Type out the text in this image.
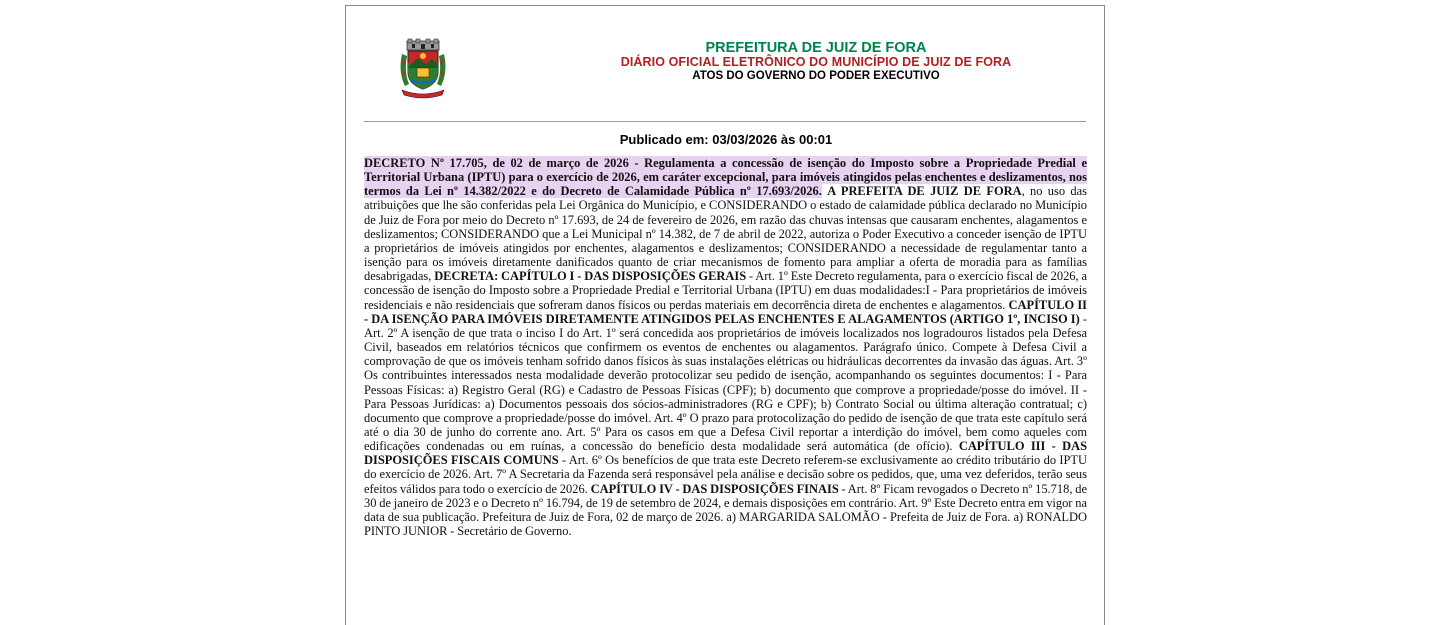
PREFEITURA DE JUIZ DE FORA
DIÁRIO OFICIAL ELETRÔNICO DO MUNICÍPIO DE JUIZ DE FORA
ATOS DO GOVERNO DO PODER EXECUTIVO
Publicado em: 03/03/2026 às 00:01
DECRETO Nº 17.705, de 02 de março de 2026 - Regulamenta a concessão de isenção do Imposto sobre a Propriedade Predial e Territorial Urbana (IPTU) para o exercício de 2026, em caráter excepcional, para imóveis atingidos pelas enchentes e deslizamentos, nos termos da Lei nº 14.382/2022 e do Decreto de Calamidade Pública nº 17.693/2026. A PREFEITA DE JUIZ DE FORA, no uso das atribuições que lhe são conferidas pela Lei Orgânica do Município, e CONSIDERANDO o estado de calamidade pública declarado no Município de Juiz de Fora por meio do Decreto nº 17.693, de 24 de fevereiro de 2026, em razão das chuvas intensas que causaram enchentes, alagamentos e deslizamentos; CONSIDERANDO que a Lei Municipal nº 14.382, de 7 de abril de 2022, autoriza o Poder Executivo a conceder isenção de IPTU a proprietários de imóveis atingidos por enchentes, alagamentos e deslizamentos; CONSIDERANDO a necessidade de regulamentar tanto a isenção para os imóveis diretamente danificados quanto de criar mecanismos de fomento para ampliar a oferta de moradia para as famílias desabrigadas, DECRETA: CAPÍTULO I - DAS DISPOSIÇÕES GERAIS - Art. 1º Este Decreto regulamenta, para o exercício fiscal de 2026, a concessão de isenção do Imposto sobre a Propriedade Predial e Territorial Urbana (IPTU) em duas modalidades:I - Para proprietários de imóveis residenciais e não residenciais que sofreram danos físicos ou perdas materiais em decorrência direta de enchentes e alagamentos. CAPÍTULO II - DA ISENÇÃO PARA IMÓVEIS DIRETAMENTE ATINGIDOS PELAS ENCHENTES E ALAGAMENTOS (ARTIGO 1º, INCISO I) - Art. 2º A isenção de que trata o inciso I do Art. 1º será concedida aos proprietários de imóveis localizados nos logradouros listados pela Defesa Civil, baseados em relatórios técnicos que confirmem os eventos de enchentes ou alagamentos. Parágrafo único. Compete à Defesa Civil a comprovação de que os imóveis tenham sofrido danos físicos às suas instalações elétricas ou hidráulicas decorrentes da invasão das águas. Art. 3º Os contribuintes interessados nesta modalidade deverão protocolizar seu pedido de isenção, acompanhando os seguintes documentos: I - Para Pessoas Físicas: a) Registro Geral (RG) e Cadastro de Pessoas Físicas (CPF); b) documento que comprove a propriedade/posse do imóvel. II - Para Pessoas Jurídicas: a) Documentos pessoais dos sócios-administradores (RG e CPF); b) Contrato Social ou última alteração contratual; c) documento que comprove a propriedade/posse do imóvel. Art. 4º O prazo para protocolização do pedido de isenção de que trata este capítulo será até o dia 30 de junho do corrente ano. Art. 5º Para os casos em que a Defesa Civil reportar a interdição do imóvel, bem como aqueles com edificações condenadas ou em ruínas, a concessão do benefício desta modalidade será automática (de ofício). CAPÍTULO III - DAS DISPOSIÇÕES FISCAIS COMUNS - Art. 6º Os benefícios de que trata este Decreto referem-se exclusivamente ao crédito tributário do IPTU do exercício de 2026. Art. 7º A Secretaria da Fazenda será responsável pela análise e decisão sobre os pedidos, que, uma vez deferidos, terão seus efeitos válidos para todo o exercício de 2026. CAPÍTULO IV - DAS DISPOSIÇÕES FINAIS - Art. 8º Ficam revogados o Decreto nº 15.718, de 30 de janeiro de 2023 e o Decreto nº 16.794, de 19 de setembro de 2024, e demais disposições em contrário. Art. 9º Este Decreto entra em vigor na data de sua publicação. Prefeitura de Juiz de Fora, 02 de março de 2026. a) MARGARIDA SALOMÃO - Prefeita de Juiz de Fora. a) RONALDO PINTO JUNIOR - Secretário de Governo.
